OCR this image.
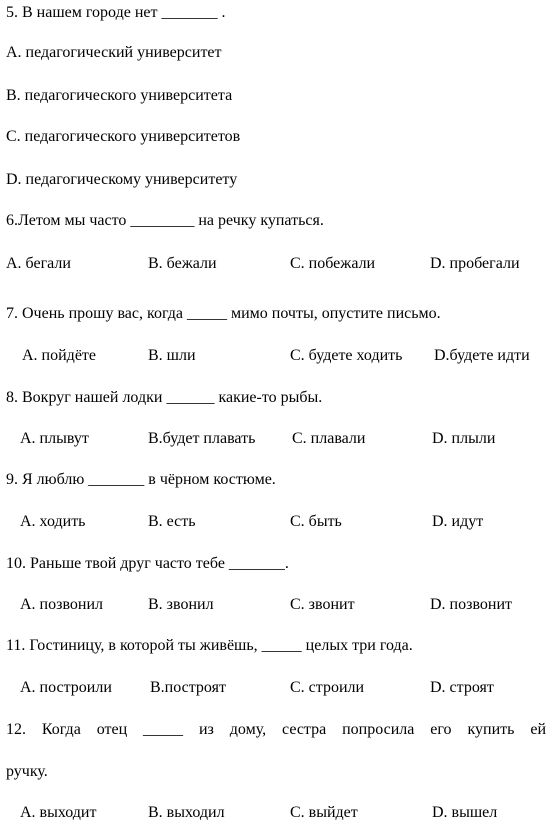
5. В нашем городе нет _______ .
A. педагогический университет
B. педагогического университета
C. педагогического университетов
D. педагогическому университету
6.Летом мы часто ________ на речку купаться.
A. бегали	B. бежали	C. побежали	D. пробегали
7. Очень прошу вас, когда _____ мимо почты, опустите письмо.
A. пойдёте	B. шли	C. будете ходить D.будете идти
8. Вокруг нашей лодки ______ какие-то рыбы.
A. плывут	B.будет плавать C. плавали	D. плыли
9. Я люблю _______ в чёрном костюме.
A. ходить	B. есть	C. быть	D. идут
10. Раньше твой друг часто тебе _______.
A. позвонил	B. звонил	C. звонит	D. позвонит
11. Гостиницу, в которой ты живёшь, _____ целых три года.
A. построили B.построят	C. строили	D. строят
12. Когда отец _____ из дому, сестра попросила его купить ей
ручку.
A. выходит	B. выходил	C. выйдет	D. вышел
